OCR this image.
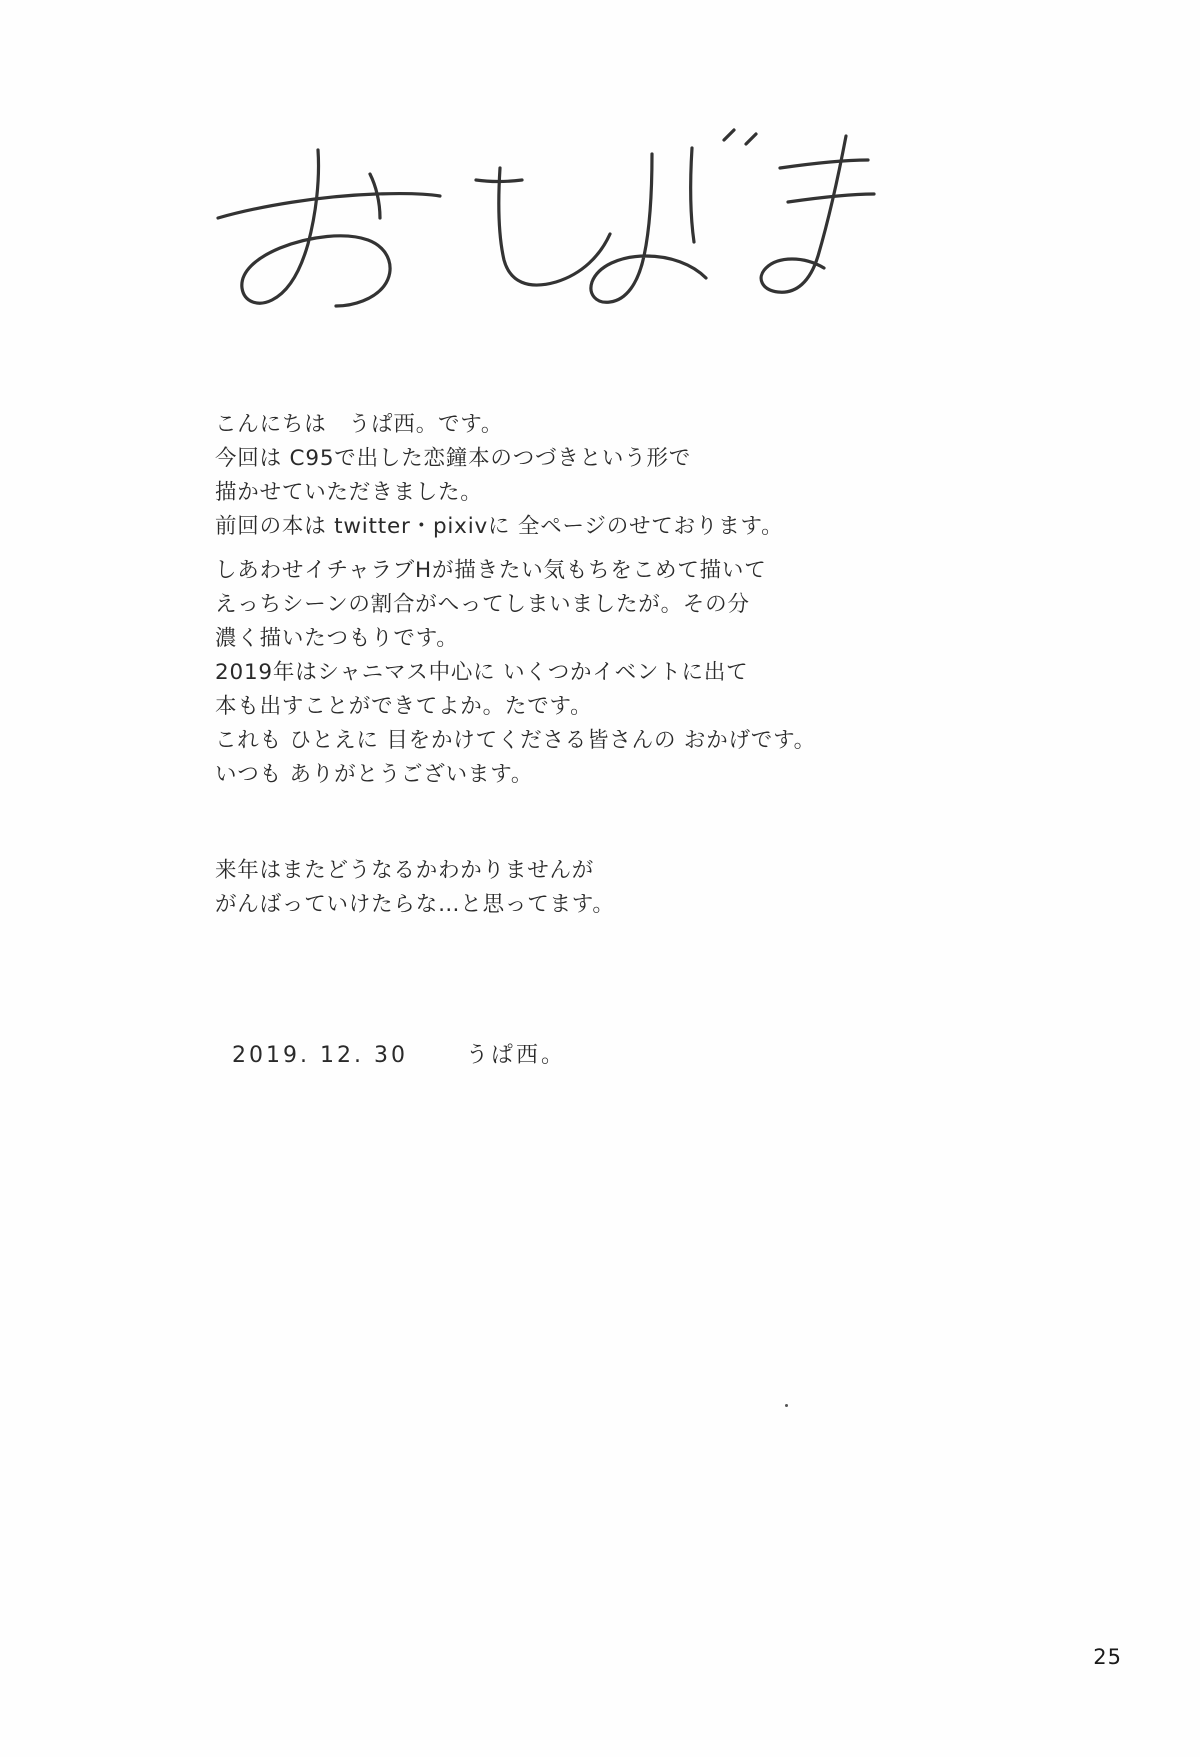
こんにちは　うぱ西。です。
今回は C95で出した恋鐘本のつづきという形で
描かせていただきました。
前回の本は twitter・pixivに 全ページのせております。
しあわせイチャラブHが描きたい気もちをこめて描いて
えっちシーンの割合がへってしまいましたが。その分
濃く描いたつもりです。
2019年はシャニマス中心に いくつかイベントに出て
本も出すことができてよか。たです。
これも ひとえに 目をかけてくださる皆さんの おかげです。
いつも ありがとうございます。
来年はまたどうなるかわかりませんが
がんばっていけたらな…と思ってます。
2019. 12. 30	うぱ西。
25
